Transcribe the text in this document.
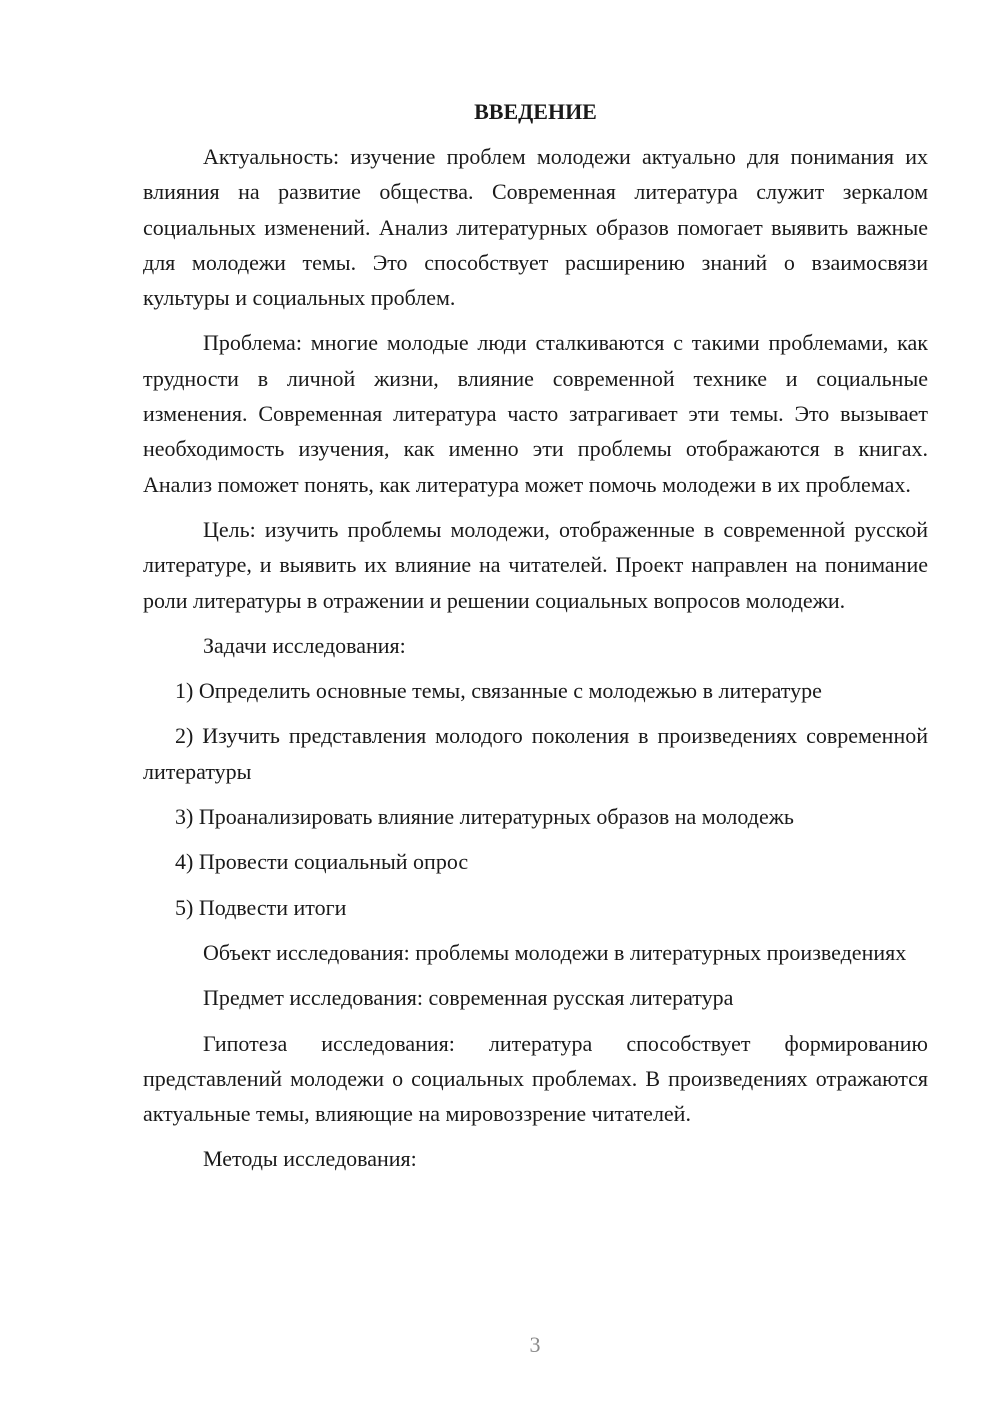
ВВЕДЕНИЕ

Актуальность: изучение проблем молодежи актуально для понимания их влияния на развитие общества. Современная литература служит зеркалом социальных изменений. Анализ литературных образов помогает выявить важные для молодежи темы. Это способствует расширению знаний о взаимосвязи культуры и социальных проблем.

Проблема: многие молодые люди сталкиваются с такими проблемами, как трудности в личной жизни, влияние современной технике и социальные изменения. Современная литература часто затрагивает эти темы. Это вызывает необходимость изучения, как именно эти проблемы отображаются в книгах. Анализ поможет понять, как литература может помочь молодежи в их проблемах.

Цель: изучить проблемы молодежи, отображенные в современной русской литературе, и выявить их влияние на читателей. Проект направлен на понимание роли литературы в отражении и решении социальных вопросов молодежи.

Задачи исследования:

1) Определить основные темы, связанные с молодежью в литературе

2) Изучить представления молодого поколения в произведениях современной литературы

3) Проанализировать влияние литературных образов на молодежь

4) Провести социальный опрос

5) Подвести итоги

Объект исследования: проблемы молодежи в литературных произведениях

Предмет исследования: современная русская литература

Гипотеза исследования: литература способствует формированию представлений молодежи о социальных проблемах. В произведениях отражаются актуальные темы, влияющие на мировоззрение читателей.

Методы исследования:

3
